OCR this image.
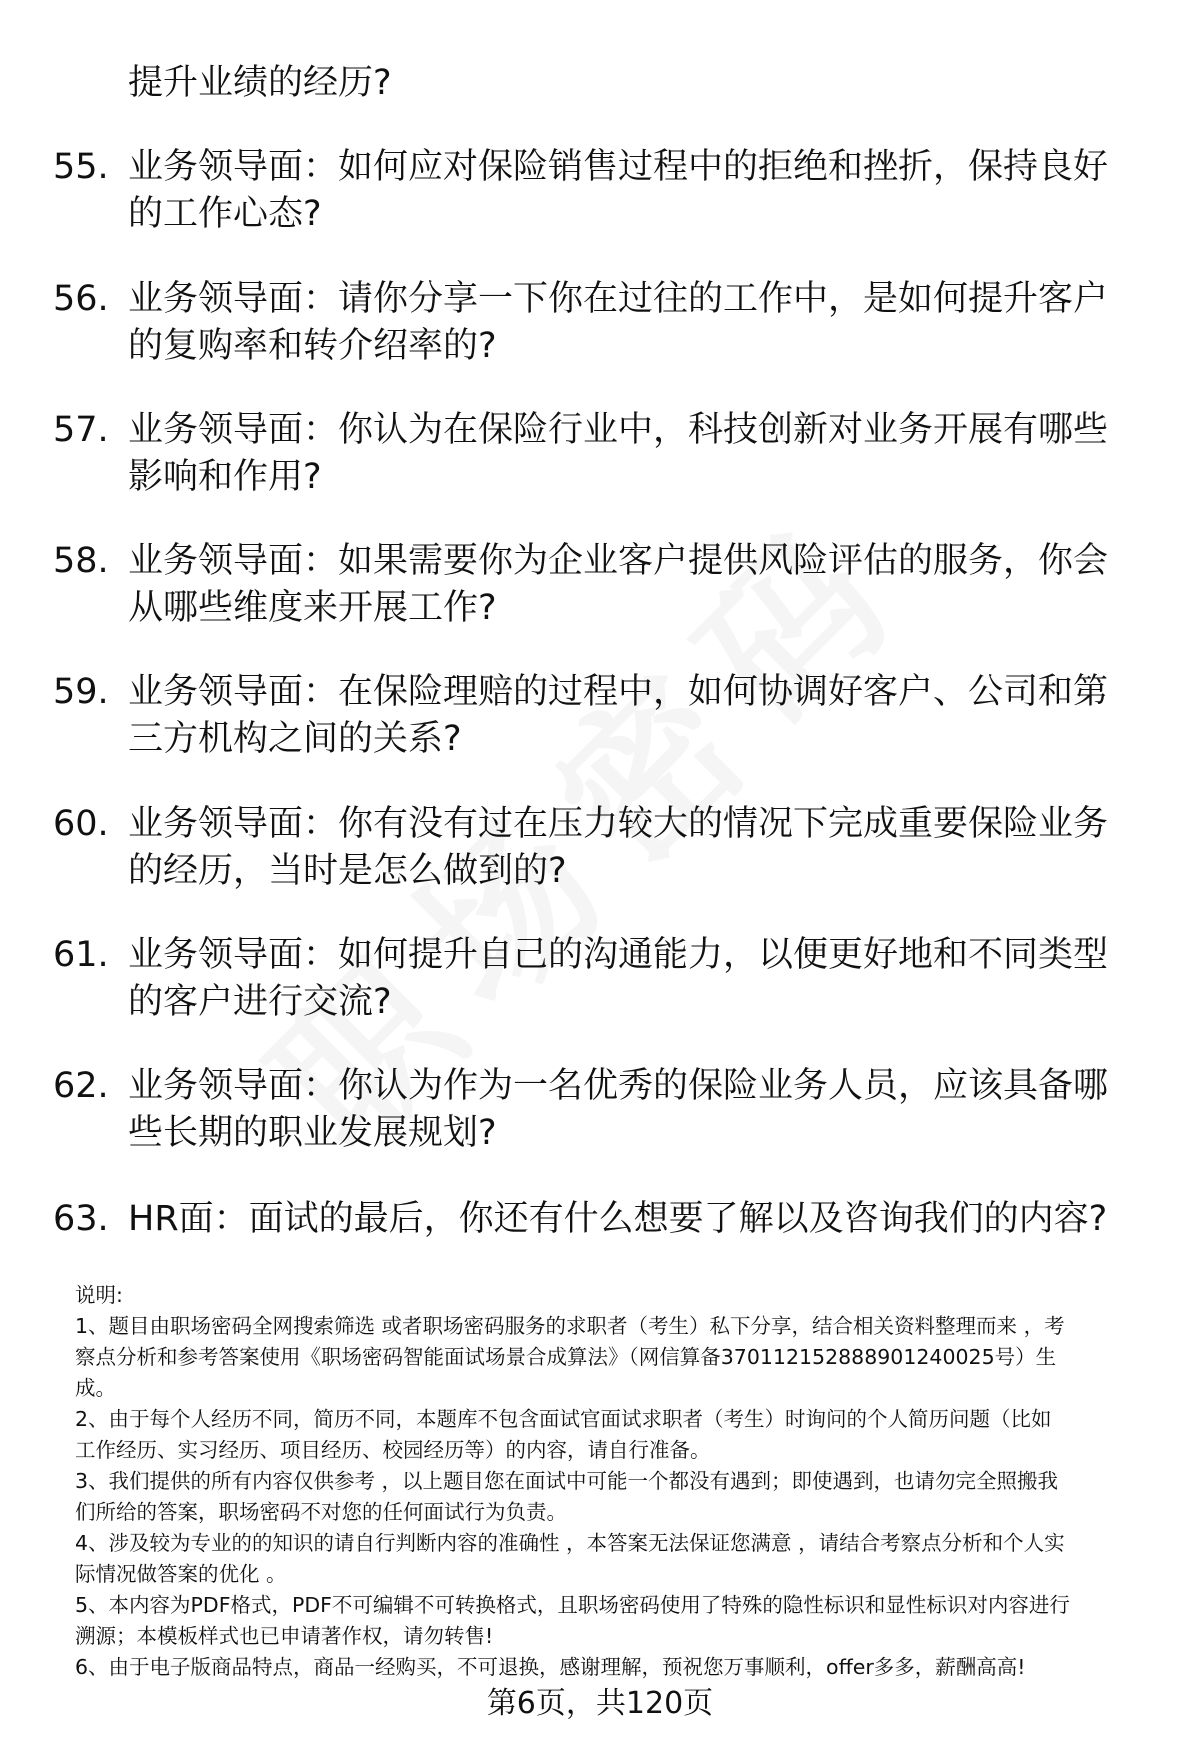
提升业绩的经历?
55. 业务领导面：如何应对保险销售过程中的拒绝和挫折，保持良好
的工作心态?
56. 业务领导面：请你分享一下你在过往的工作中，是如何提升客户
的复购率和转介绍率的?
57. 业务领导面：你认为在保险行业中，科技创新对业务开展有哪些
影响和作用?
58. 业务领导面：如果需要你为企业客户提供风险评估的服务，你会
从哪些维度来开展工作?
59. 业务领导面：在保险理赔的过程中，如何协调好客户、公司和第
三方机构之间的关系?
60. 业务领导面：你有没有过在压力较大的情况下完成重要保险业务
的经历，当时是怎么做到的?
61. 业务领导面：如何提升自己的沟通能力，以便更好地和不同类型
的客户进行交流?
62. 业务领导面：你认为作为一名优秀的保险业务人员，应该具备哪
些长期的职业发展规划?
63. HR面：面试的最后，你还有什么想要了解以及咨询我们的内容?
说明:
1、题目由职场密码全网搜索筛选 或者职场密码服务的求职者（考生）私下分享，结合相关资料整理而来 ，考
察点分析和参考答案使用《职场密码智能面试场景合成算法》（网信算备370112152888901240025号）生
成。
2、由于每个人经历不同，简历不同，本题库不包含面试官面试求职者（考生）时询问的个人简历问题（比如
工作经历、实习经历、项目经历、校园经历等）的内容，请自行准备。
3、我们提供的所有内容仅供参考 ，以上题目您在面试中可能一个都没有遇到；即使遇到，也请勿完全照搬我
们所给的答案，职场密码不对您的任何面试行为负责。
4、涉及较为专业的的知识的请自行判断内容的准确性 ，本答案无法保证您满意 ，请结合考察点分析和个人实
际情况做答案的优化 。
5、本内容为PDF格式，PDF不可编辑不可转换格式，且职场密码使用了特殊的隐性标识和显性标识对内容进行
溯源；本模板样式也已申请著作权，请勿转售!
6、由于电子版商品特点，商品一经购买，不可退换，感谢理解，预祝您万事顺利，offer多多，薪酬高高!
第6页，共120页
